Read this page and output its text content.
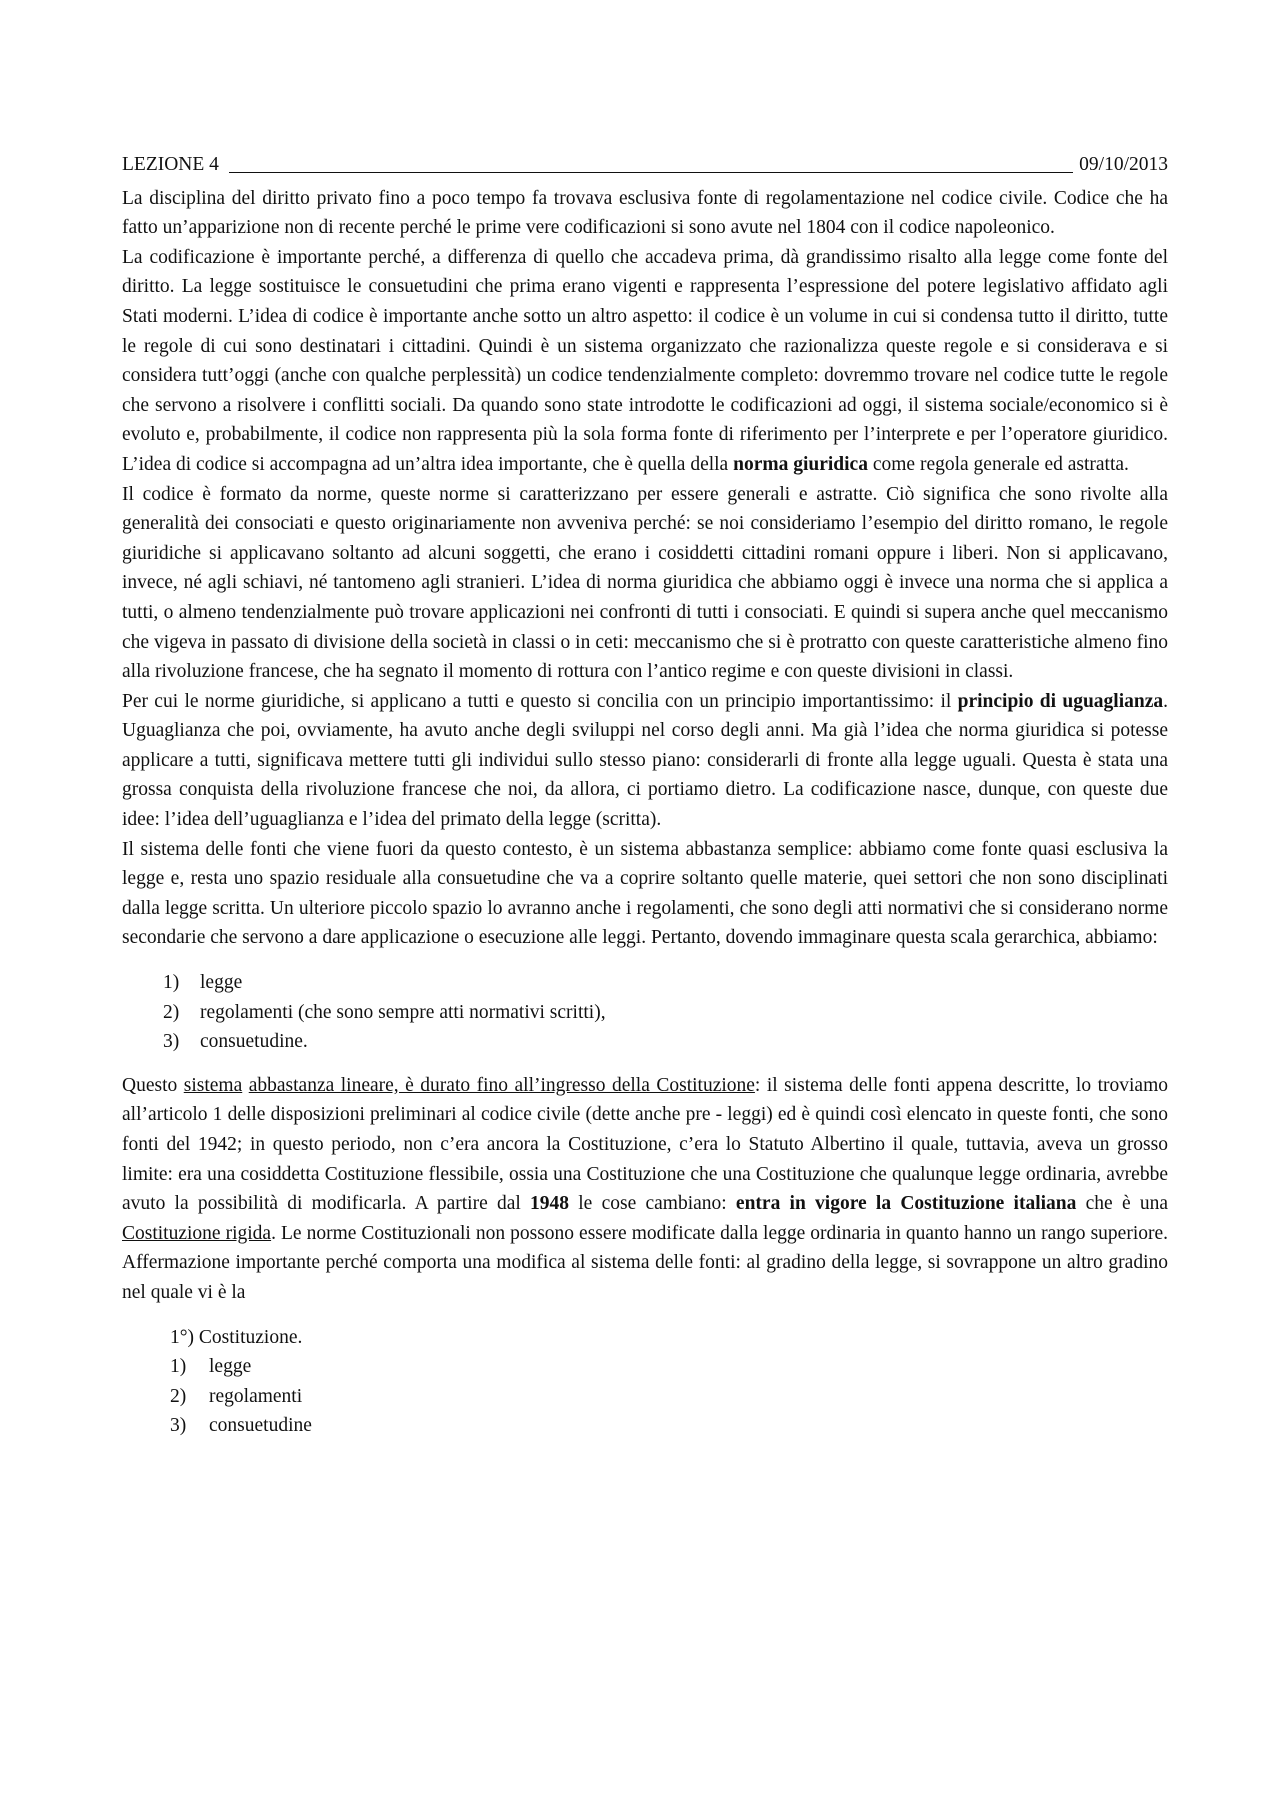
LEZIONE 4	09/10/2013

La disciplina del diritto privato fino a poco tempo fa trovava esclusiva fonte di regolamentazione nel codice civile. Codice che ha fatto un’apparizione non di recente perché le prime vere codificazioni si sono avute nel 1804 con il codice napoleonico.

La codificazione è importante perché, a differenza di quello che accadeva prima, dà grandissimo risalto alla legge come fonte del diritto. La legge sostituisce le consuetudini che prima erano vigenti e rappresenta l’espressione del potere legislativo affidato agli Stati moderni. L’idea di codice è importante anche sotto un altro aspetto: il codice è un volume in cui si condensa tutto il diritto, tutte le regole di cui sono destinatari i cittadini. Quindi è un sistema organizzato che razionalizza queste regole e si considerava e si considera tutt’oggi (anche con qualche perplessità) un codice tendenzialmente completo: dovremmo trovare nel codice tutte le regole che servono a risolvere i conflitti sociali. Da quando sono state introdotte le codificazioni ad oggi, il sistema sociale/economico si è evoluto e, probabilmente, il codice non rappresenta più la sola forma fonte di riferimento per l’interprete e per l’operatore giuridico. L’idea di codice si accompagna ad un’altra idea importante, che è quella della norma giuridica come regola generale ed astratta.

Il codice è formato da norme, queste norme si caratterizzano per essere generali e astratte. Ciò significa che sono rivolte alla generalità dei consociati e questo originariamente non avveniva perché: se noi consideriamo l’esempio del diritto romano, le regole giuridiche si applicavano soltanto ad alcuni soggetti, che erano i cosiddetti cittadini romani oppure i liberi. Non si applicavano, invece, né agli schiavi, né tantomeno agli stranieri. L’idea di norma giuridica che abbiamo oggi è invece una norma che si applica a tutti, o almeno tendenzialmente può trovare applicazioni nei confronti di tutti i consociati. E quindi si supera anche quel meccanismo che vigeva in passato di divisione della società in classi o in ceti: meccanismo che si è protratto con queste caratteristiche almeno fino alla rivoluzione francese, che ha segnato il momento di rottura con l’antico regime e con queste divisioni in classi.

Per cui le norme giuridiche, si applicano a tutti e questo si concilia con un principio importantissimo: il principio di uguaglianza. Uguaglianza che poi, ovviamente, ha avuto anche degli sviluppi nel corso degli anni. Ma già l’idea che norma giuridica si potesse applicare a tutti, significava mettere tutti gli individui sullo stesso piano: considerarli di fronte alla legge uguali. Questa è stata una grossa conquista della rivoluzione francese che noi, da allora, ci portiamo dietro. La codificazione nasce, dunque, con queste due idee: l’idea dell’uguaglianza e l’idea del primato della legge (scritta).

Il sistema delle fonti che viene fuori da questo contesto, è un sistema abbastanza semplice: abbiamo come fonte quasi esclusiva la legge e, resta uno spazio residuale alla consuetudine che va a coprire soltanto quelle materie, quei settori che non sono disciplinati dalla legge scritta. Un ulteriore piccolo spazio lo avranno anche i regolamenti, che sono degli atti normativi che si considerano norme secondarie che servono a dare applicazione o esecuzione alle leggi. Pertanto, dovendo immaginare questa scala gerarchica, abbiamo:

1) legge
2) regolamenti (che sono sempre atti normativi scritti),
3) consuetudine.

Questo sistema abbastanza lineare, è durato fino all’ingresso della Costituzione: il sistema delle fonti appena descritte, lo troviamo all’articolo 1 delle disposizioni preliminari al codice civile (dette anche pre - leggi) ed è quindi così elencato in queste fonti, che sono fonti del 1942; in questo periodo, non c’era ancora la Costituzione, c’era lo Statuto Albertino il quale, tuttavia, aveva un grosso limite: era una cosiddetta Costituzione flessibile, ossia una Costituzione che una Costituzione che qualunque legge ordinaria, avrebbe avuto la possibilità di modificarla. A partire dal 1948 le cose cambiano: entra in vigore la Costituzione italiana che è una Costituzione rigida. Le norme Costituzionali non possono essere modificate dalla legge ordinaria in quanto hanno un rango superiore. Affermazione importante perché comporta una modifica al sistema delle fonti: al gradino della legge, si sovrappone un altro gradino nel quale vi è la

1°) Costituzione.
1) legge
2) regolamenti
3) consuetudine
